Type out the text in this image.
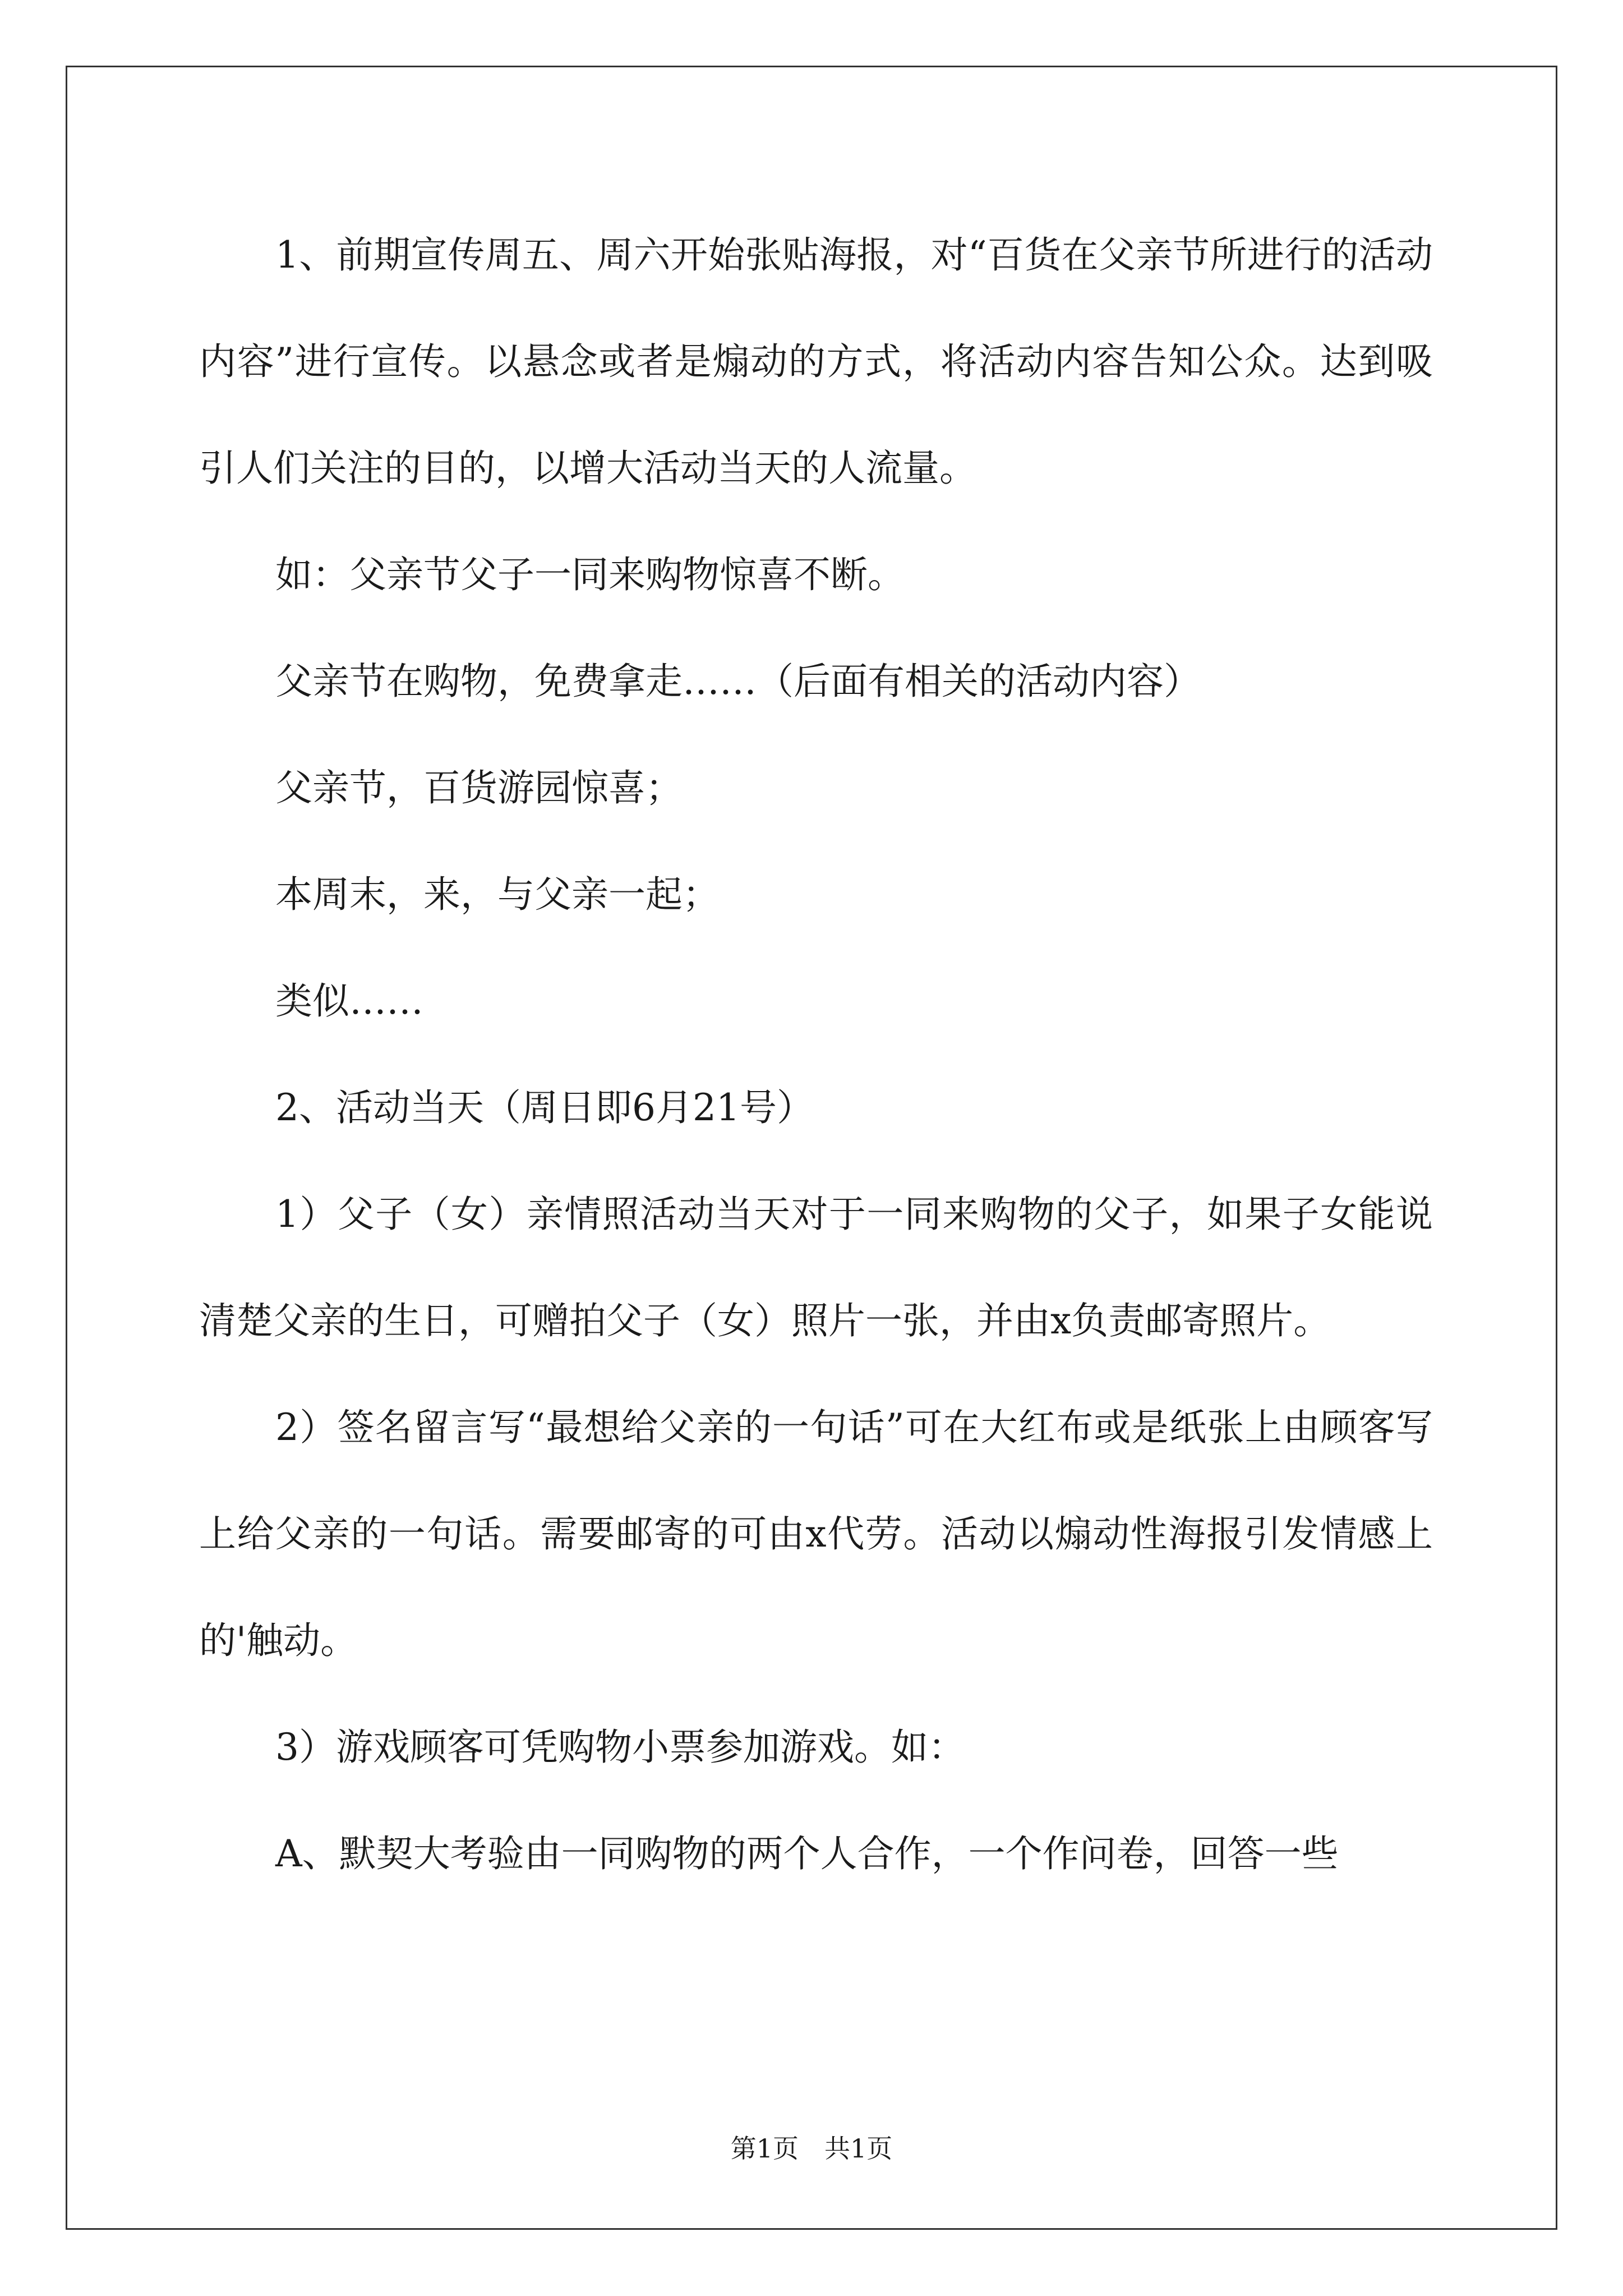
1、前期宣传周五、周六开始张贴海报，对“百货在父亲节所进行的活动内容”进行宣传。以悬念或者是煽动的方式，将活动内容告知公众。达到吸引人们关注的目的，以增大活动当天的人流量。

如：父亲节父子一同来购物惊喜不断。

父亲节在购物，免费拿走……（后面有相关的活动内容）

父亲节，百货游园惊喜；

本周末，来，与父亲一起；

类似……

2、活动当天（周日即6月21号）

1）父子（女）亲情照活动当天对于一同来购物的父子，如果子女能说清楚父亲的生日，可赠拍父子（女）照片一张，并由x负责邮寄照片。

2）签名留言写“最想给父亲的一句话”可在大红布或是纸张上由顾客写上给父亲的一句话。需要邮寄的可由x代劳。活动以煽动性海报引发情感上的'触动。

3）游戏顾客可凭购物小票参加游戏。如：

A、默契大考验由一同购物的两个人合作，一个作问卷，回答一些

第1页　共1页
